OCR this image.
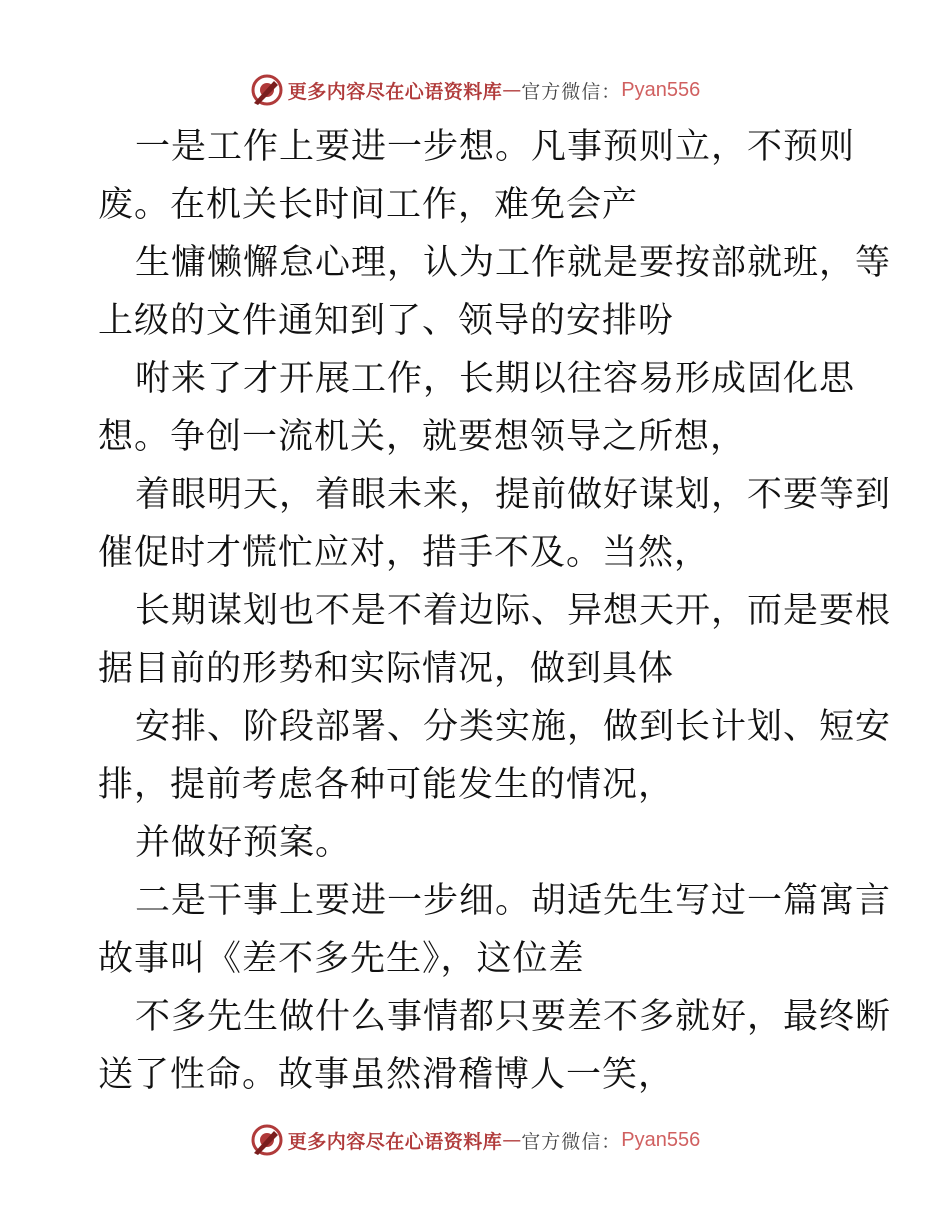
更多内容尽在心语资料库 — 官方微信： Pyan556

一是工作上要进一步想。凡事预则立，不预则
废。在机关长时间工作，难免会产

生慵懒懈怠心理，认为工作就是要按部就班，等
上级的文件通知到了、领导的安排吩

咐来了才开展工作，长期以往容易形成固化思
想。争创一流机关，就要想领导之所想，

着眼明天，着眼未来，提前做好谋划，不要等到
催促时才慌忙应对，措手不及。当然，

长期谋划也不是不着边际、异想天开，而是要根
据目前的形势和实际情况，做到具体

安排、阶段部署、分类实施，做到长计划、短安
排，提前考虑各种可能发生的情况，

并做好预案。

二是干事上要进一步细。胡适先生写过一篇寓言
故事叫《差不多先生》，这位差

不多先生做什么事情都只要差不多就好，最终断
送了性命。故事虽然滑稽博人一笑，

更多内容尽在心语资料库 — 官方微信： Pyan556
